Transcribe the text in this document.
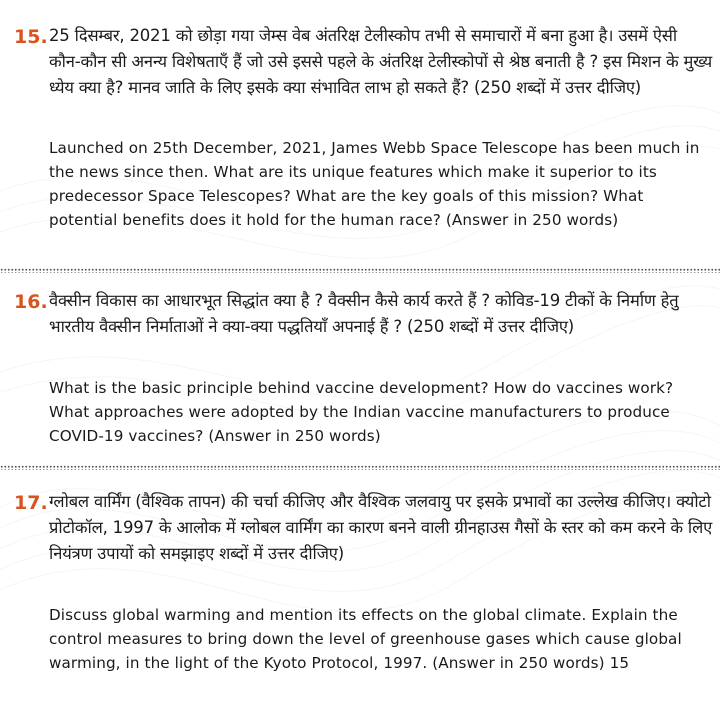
15. 25 दिसम्बर, 2021 को छोड़ा गया जेम्स वेब अंतरिक्ष टेलीस्कोप तभी से समाचारों में बना हुआ है। उसमें ऐसी कौन-कौन सी अनन्य विशेषताएँ हैं जो उसे इससे पहले के अंतरिक्ष टेलीस्कोपों से श्रेष्ठ बनाती है ? इस मिशन के मुख्य ध्येय क्या है? मानव जाति के लिए इसके क्या संभावित लाभ हो सकते हैं? (250 शब्दों में उत्तर दीजिए)
Launched on 25th December, 2021, James Webb Space Telescope has been much in the news since then. What are its unique features which make it superior to its predecessor Space Telescopes? What are the key goals of this mission? What potential benefits does it hold for the human race? (Answer in 250 words)
16. वैक्सीन विकास का आधारभूत सिद्धांत क्या है ? वैक्सीन कैसे कार्य करते हैं ? कोविड-19 टीकों के निर्माण हेतु भारतीय वैक्सीन निर्माताओं ने क्या-क्या पद्धतियाँ अपनाई हैं ? (250 शब्दों में उत्तर दीजिए)
What is the basic principle behind vaccine development? How do vaccines work? What approaches were adopted by the Indian vaccine manufacturers to produce COVID-19 vaccines? (Answer in 250 words)
17. ग्लोबल वार्मिंग (वैश्विक तापन) की चर्चा कीजिए और वैश्विक जलवायु पर इसके प्रभावों का उल्लेख कीजिए। क्योटो प्रोटोकॉल, 1997 के आलोक में ग्लोबल वार्मिंग का कारण बनने वाली ग्रीनहाउस गैसों के स्तर को कम करने के लिए नियंत्रण उपायों को समझाइए शब्दों में उत्तर दीजिए)
Discuss global warming and mention its effects on the global climate. Explain the control measures to bring down the level of greenhouse gases which cause global warming, in the light of the Kyoto Protocol, 1997. (Answer in 250 words) 15
